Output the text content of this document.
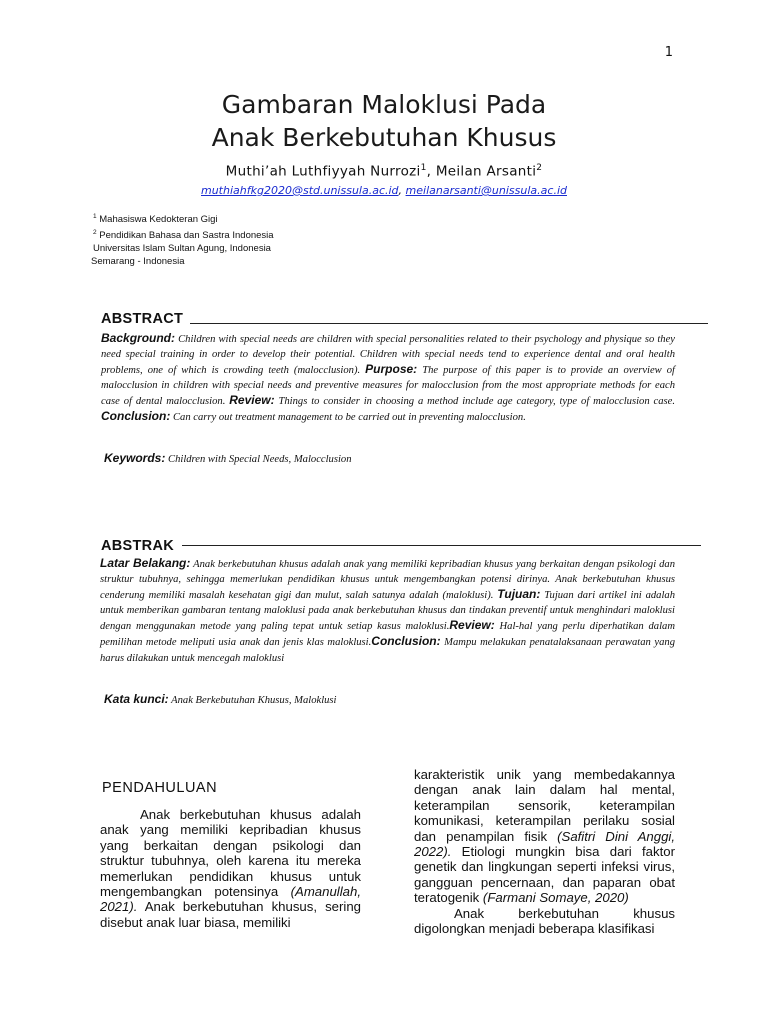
1
Gambaran Maloklusi Pada
Anak Berkebutuhan Khusus
Muthi’ah Luthfiyyah Nurrozi$^1$, Meilan Arsanti$^2$
muthiahfkg2020@std.unissula.ac.id, meilanarsanti@unissula.ac.id
$^1$ Mahasiswa Kedokteran Gigi
$^2$ Pendidikan Bahasa dan Sastra Indonesia
Universitas Islam Sultan Agung, Indonesia
Semarang - Indonesia
ABSTRACT
Background: Children with special needs are children with special personalities related to their psychology and physique so they need special training in order to develop their potential. Children with special needs tend to experience dental and oral health problems, one of which is crowding teeth (malocclusion). Purpose: The purpose of this paper is to provide an overview of malocclusion in children with special needs and preventive measures for malocclusion from the most appropriate methods for each case of dental malocclusion. Review: Things to consider in choosing a method include age category, type of malocclusion case. Conclusion: Can carry out treatment management to be carried out in preventing malocclusion.
Keywords: Children with Special Needs, Malocclusion
ABSTRAK
Latar Belakang: Anak berkebutuhan khusus adalah anak yang memiliki kepribadian khusus yang berkaitan dengan psikologi dan struktur tubuhnya, sehingga memerlukan pendidikan khusus untuk mengembangkan potensi dirinya. Anak berkebutuhan khusus cenderung memiliki masalah kesehatan gigi dan mulut, salah satunya adalah (maloklusi). Tujuan: Tujuan dari artikel ini adalah untuk memberikan gambaran tentang maloklusi pada anak berkebutuhan khusus dan tindakan preventif untuk menghindari maloklusi dengan menggunakan metode yang paling tepat untuk setiap kasus maloklusi.Review: Hal-hal yang perlu diperhatikan dalam pemilihan metode meliputi usia anak dan jenis klas maloklusi.Conclusion: Mampu melakukan penatalaksanaan perawatan yang harus dilakukan untuk mencegah maloklusi
Kata kunci: Anak Berkebutuhan Khusus, Maloklusi
PENDAHULUAN
Anak berkebutuhan khusus adalah anak yang memiliki kepribadian khusus yang berkaitan dengan psikologi dan struktur tubuhnya, oleh karena itu mereka memerlukan pendidikan khusus untuk mengembangkan potensinya (Amanullah, 2021). Anak berkebutuhan khusus, sering disebut anak luar biasa, memiliki
karakteristik unik yang membedakannya dengan anak lain dalam hal mental, keterampilan sensorik, keterampilan komunikasi, keterampilan perilaku sosial dan penampilan fisik (Safitri Dini Anggi, 2022). Etiologi mungkin bisa dari faktor genetik dan lingkungan seperti infeksi virus, gangguan pencernaan, dan paparan obat teratogenik (Farmani Somaye, 2020)
Anak berkebutuhan khusus digolongkan menjadi beberapa klasifikasi
